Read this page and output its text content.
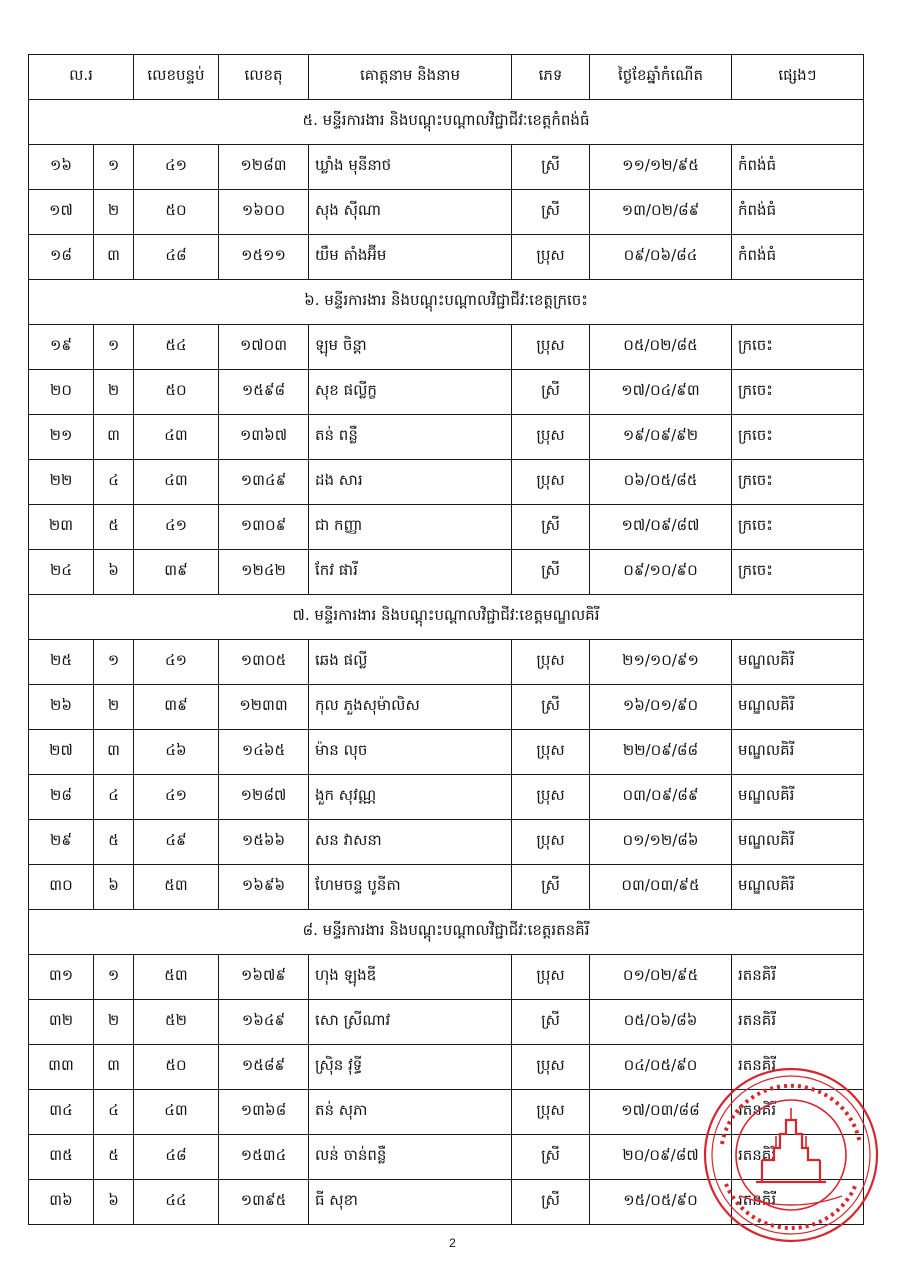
ល.រ		លេខបន្ទប់	លេខតុ	គោត្តនាម និងនាម	ភេទ	ថ្ងៃខែឆ្នាំកំណើត	ផ្សេងៗ
៥. មន្ទីរការងារ និងបណ្តុះបណ្តាលវិជ្ជាជីវៈខេត្តកំពង់ធំ							
១៦	១	៤១	១២៨៣	ឃ្លាំង មុនីនាថ	ស្រី	១១/១២/៩៥	កំពង់ធំ
១៧	២	៥០	១៦០០	សុង ស៊ីណា	ស្រី	១៣/០២/៨៩	កំពង់ធំ
១៨	៣	៤៨	១៥១១	យឹម តាំងអ៊ីម	ប្រុស	០៩/០៦/៨៤	កំពង់ធំ
៦. មន្ទីរការងារ និងបណ្តុះបណ្តាលវិជ្ជាជីវៈខេត្តក្រចេះ							
១៩	១	៥៤	១៧០៣	ឡុម ចិន្តា	ប្រុស	០៥/០២/៨៥	ក្រចេះ
២០	២	៥០	១៥៩៨	សុខ ផល្លីក្ខ	ស្រី	១៧/០៤/៩៣	ក្រចេះ
២១	៣	៤៣	១៣៦៧	តន់ ពន្លឺ	ប្រុស	១៩/០៩/៩២	ក្រចេះ
២២	៤	៤៣	១៣៤៩	ដង សារ	ប្រុស	០៦/០៥/៨៥	ក្រចេះ
២៣	៥	៤១	១៣០៩	ជា កញ្ញា	ស្រី	១៧/០៩/៨៧	ក្រចេះ
២៤	៦	៣៩	១២៤២	កែវ ផារី	ស្រី	០៩/១០/៩០	ក្រចេះ
៧. មន្ទីរការងារ និងបណ្តុះបណ្តាលវិជ្ជាជីវៈខេត្តមណ្ឌលគិរី							
២៥	១	៤១	១៣០៥	ឆេង ផល្លី	ប្រុស	២១/១០/៩១	មណ្ឌលគិរី
២៦	២	៣៩	១២៣៣	កុល ភួងសុម៉ាលិស	ស្រី	១៦/០១/៩០	មណ្ឌលគិរី
២៧	៣	៤៦	១៤៦៥	ម៉ាន លុច	ប្រុស	២២/០៩/៨៨	មណ្ឌលគិរី
២៨	៤	៤១	១២៨៧	ងួក សុវណ្ណ	ប្រុស	០៣/០៩/៨៩	មណ្ឌលគិរី
២៩	៥	៤៩	១៥៦៦	សន វាសនា	ប្រុស	០១/១២/៨៦	មណ្ឌលគិរី
៣០	៦	៥៣	១៦៩៦	ហែមចន្ទ បូនីតា	ស្រី	០៣/០៣/៩៥	មណ្ឌលគិរី
៨. មន្ទីរការងារ និងបណ្តុះបណ្តាលវិជ្ជាជីវៈខេត្តរតនគិរី							
៣១	១	៥៣	១៦៧៩	ហុង ឡុងឌី	ប្រុស	០១/០២/៩៥	រតនគិរី
៣២	២	៥២	១៦៤៩	សោ ស្រីណាវ	ស្រី	០៥/០៦/៨៦	រតនគិរី
៣៣	៣	៥០	១៥៨៩	ស្រ៊ិន វុទ្ធី	ប្រុស	០៤/០៥/៩០	រតនគិរី
៣៤	៤	៤៣	១៣៦៨	តន់ សុភា	ប្រុស	១៧/០៣/៨៨	រតនគិរី
៣៥	៥	៤៨	១៥៣៤	លន់ ចាន់ពន្លឺ	ស្រី	២០/០៩/៨៧	រតនគិរី
៣៦	៦	៤៤	១៣៩៥	ធី សុខា	ស្រី	១៥/០៥/៩០	រតនគិរី
2
